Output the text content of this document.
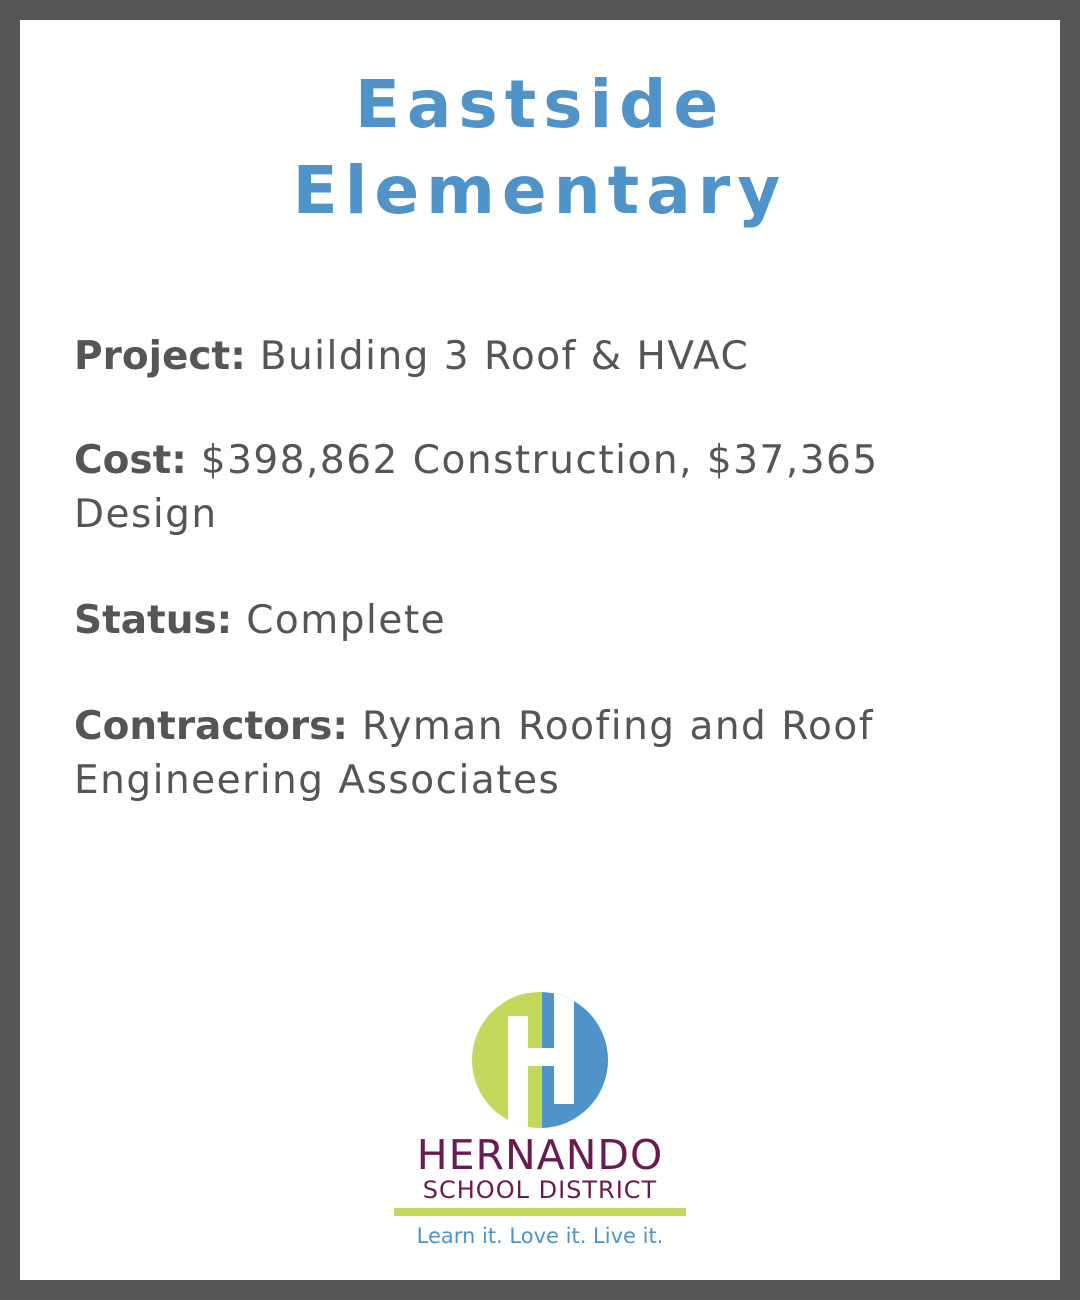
Eastside
Elementary
Project: Building 3 Roof & HVAC
Cost: $398,862 Construction, $37,365 Design
Status: Complete
Contractors: Ryman Roofing and Roof Engineering Associates
HERNANDO
SCHOOL DISTRICT
Learn it. Love it. Live it.
